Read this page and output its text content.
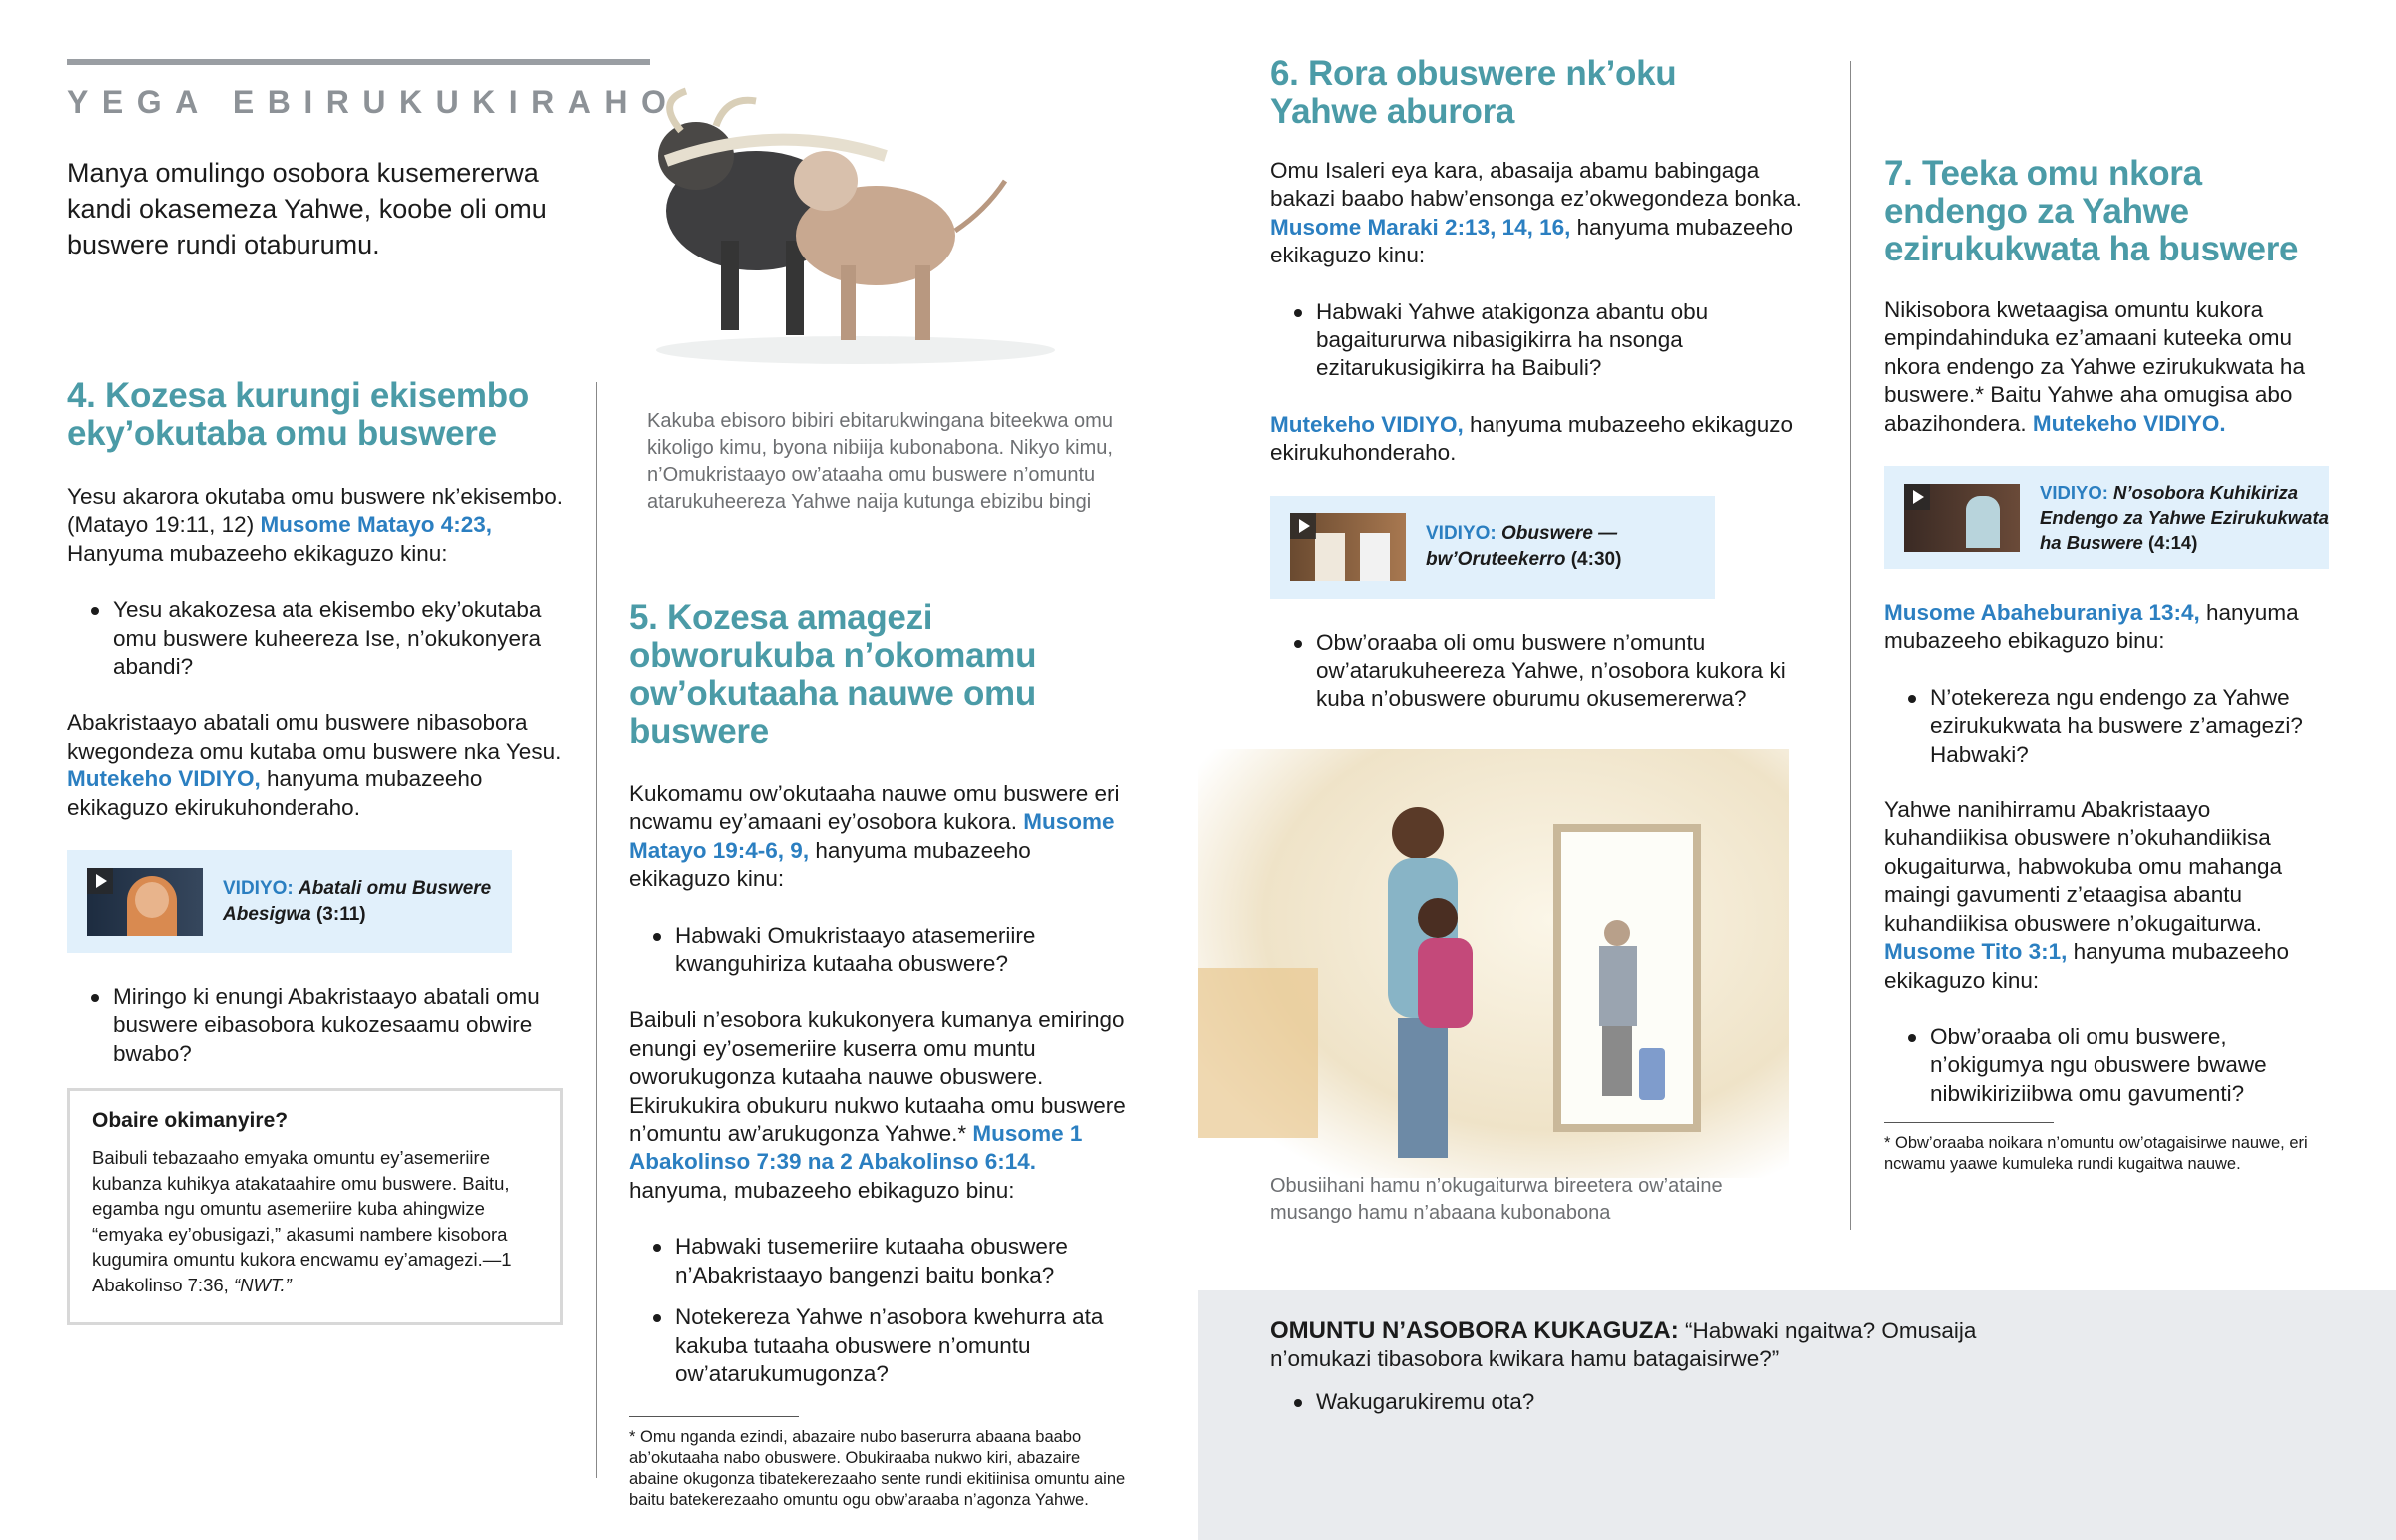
YEGA EBIRUKUKIRAHO
Manya omulingo osobora kusemererwa kandi okasemeza Yahwe, koobe oli omu buswere rundi otaburumu.
4. Kozesa kurungi ekisembo eky’okutaba omu buswere

Yesu akarora okutaba omu buswere nk’ekisembo. (Matayo 19:11, 12) Musome Matayo 4:23, Hanyuma mubazeeho ekikaguzo kinu:

Yesu akakozesa ata ekisembo eky’okutaba omu buswere kuheereza Ise, n’okukonyera abandi?

Abakristaayo abatali omu buswere nibasobora kwegondeza omu kutaba omu buswere nka Yesu. Mutekeho VIDIYO, hanyuma mubazeeho ekikaguzo ekirukuhonderaho.

VIDIYO: Abatali omu Buswere Abesigwa (3:11)
Miringo ki enungi Abakristaayo abatali omu buswere eibasobora kukozesaamu obwire bwabo?
Obaire okimanyire?
Baibuli tebazaaho emyaka omuntu ey’asemeriire kubanza kuhikya atakataahire omu buswere. Baitu, egamba ngu omuntu asemeriire kuba ahingwize “emyaka ey’obusigazi,” akasumi nambere kisobora kugumira omuntu kukora encwamu ey’amagezi.—1 Abakolinso 7:36, “NWT.”
Kakuba ebisoro bibiri ebitarukwingana biteekwa omu kikoligo kimu, byona nibiija kubonabona. Nikyo kimu, n’Omukristaayo ow’ataaha omu buswere n’omuntu atarukuheereza Yahwe naija kutunga ebizibu bingi
5. Kozesa amagezi obworukuba n’okomamu ow’okutaaha nauwe omu buswere

Kukomamu ow’okutaaha nauwe omu buswere eri ncwamu ey’amaani ey’osobora kukora. Musome Matayo 19:4-6, 9, hanyuma mubazeeho ekikaguzo kinu:

Habwaki Omukristaayo atasemeriire kwanguhiriza kutaaha obuswere?

Baibuli n’esobora kukukonyera kumanya emiringo enungi ey’osemeriire kuserra omu muntu oworukugonza kutaaha nauwe obuswere. Ekirukukira obukuru nukwo kutaaha omu buswere n’omuntu aw’arukugonza Yahwe.* Musome 1 Abakolinso 7:39 na 2 Abakolinso 6:14. hanyuma, mubazeeho ebikaguzo binu:

Habwaki tusemeriire kutaaha obuswere n’Abakristaayo bangenzi baitu bonka?
Notekereza Yahwe n’asobora kwehurra ata kakuba tutaaha obuswere n’omuntu ow’atarukumugonza?
* Omu nganda ezindi, abazaire nubo baserurra abaana baabo ab’okutaaha nabo obuswere. Obukiraaba nukwo kiri, abazaire abaine okugonza tibatekerezaaho sente rundi ekitiinisa omuntu aine baitu batekerezaaho omuntu ogu obw’araaba n’agonza Yahwe.
6. Rora obuswere nk’oku Yahwe aburora

Omu Isaleri eya kara, abasaija abamu babingaga bakazi baabo habw’ensonga ez’okwegondeza bonka. Musome Maraki 2:13, 14, 16, hanyuma mubazeeho ekikaguzo kinu:

Habwaki Yahwe atakigonza abantu obu bagaitururwa nibasigikirra ha nsonga ezitarukusigikirra ha Baibuli?

Mutekeho VIDIYO, hanyuma mubazeeho ekikaguzo ekirukuhonderaho.

VIDIYO: Obuswere —bw’Oruteekerro (4:30)
Obw’oraaba oli omu buswere n’omuntu ow’atarukuheereza Yahwe, n’osobora kukora ki kuba n’obuswere oburumu okusemererwa?
Obusiihani hamu n’okugaiturwa bireetera ow’ataine musango hamu n’abaana kubonabona
7. Teeka omu nkora endengo za Yahwe ezirukukwata ha buswere

Nikisobora kwetaagisa omuntu kukora empindahinduka ez’amaani kuteeka omu nkora endengo za Yahwe ezirukukwata ha buswere.* Baitu Yahwe aha omugisa abo abazihondera. Mutekeho VIDIYO.

VIDIYO: N’osobora Kuhikiriza Endengo za Yahwe Ezirukukwata ha Buswere (4:14)

Musome Abaheburaniya 13:4, hanyuma mubazeeho ebikaguzo binu:

N’otekereza ngu endengo za Yahwe ezirukukwata ha buswere z’amagezi? Habwaki?

Yahwe nanihirramu Abakristaayo kuhandiikisa obuswere n’okuhandiikisa okugaiturwa, habwokuba omu mahanga maingi gavumenti z’etaagisa abantu kuhandiikisa obuswere n’okugaiturwa. Musome Tito 3:1, hanyuma mubazeeho ekikaguzo kinu:

Obw’oraaba oli omu buswere, n’okigumya ngu obuswere bwawe nibwikiriziibwa omu gavumenti?
* Obw’oraaba noikara n’omuntu ow’otagaisirwe nauwe, eri ncwamu yaawe kumuleka rundi kugaitwa nauwe.

OMUNTU N’ASOBORA KUKAGUZA: “Habwaki ngaitwa? Omusaija n’omukazi tibasobora kwikara hamu batagaisirwe?”

Wakugarukiremu ota?
